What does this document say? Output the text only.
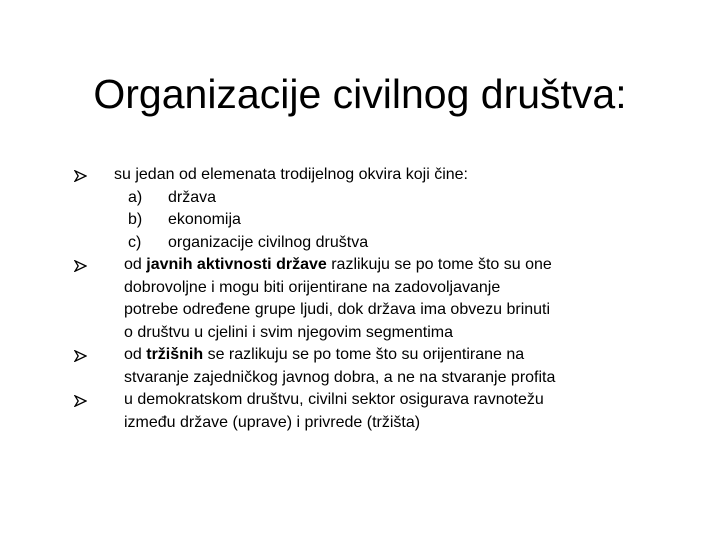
Organizacije civilnog društva:
su jedan od elemenata trodijelnog okvira koji čine:
a) država
b) ekonomija
c) organizacije civilnog društva
od javnih aktivnosti države razlikuju se po tome što su one
dobrovoljne i mogu biti orijentirane na zadovoljavanje
potrebe određene grupe ljudi, dok država ima obvezu brinuti
o društvu u cjelini i svim njegovim segmentima
od tržišnih se razlikuju se po tome što su orijentirane na
stvaranje zajedničkog javnog dobra, a ne na stvaranje profita
u demokratskom društvu, civilni sektor osigurava ravnotežu
između države (uprave) i privrede (tržišta)
